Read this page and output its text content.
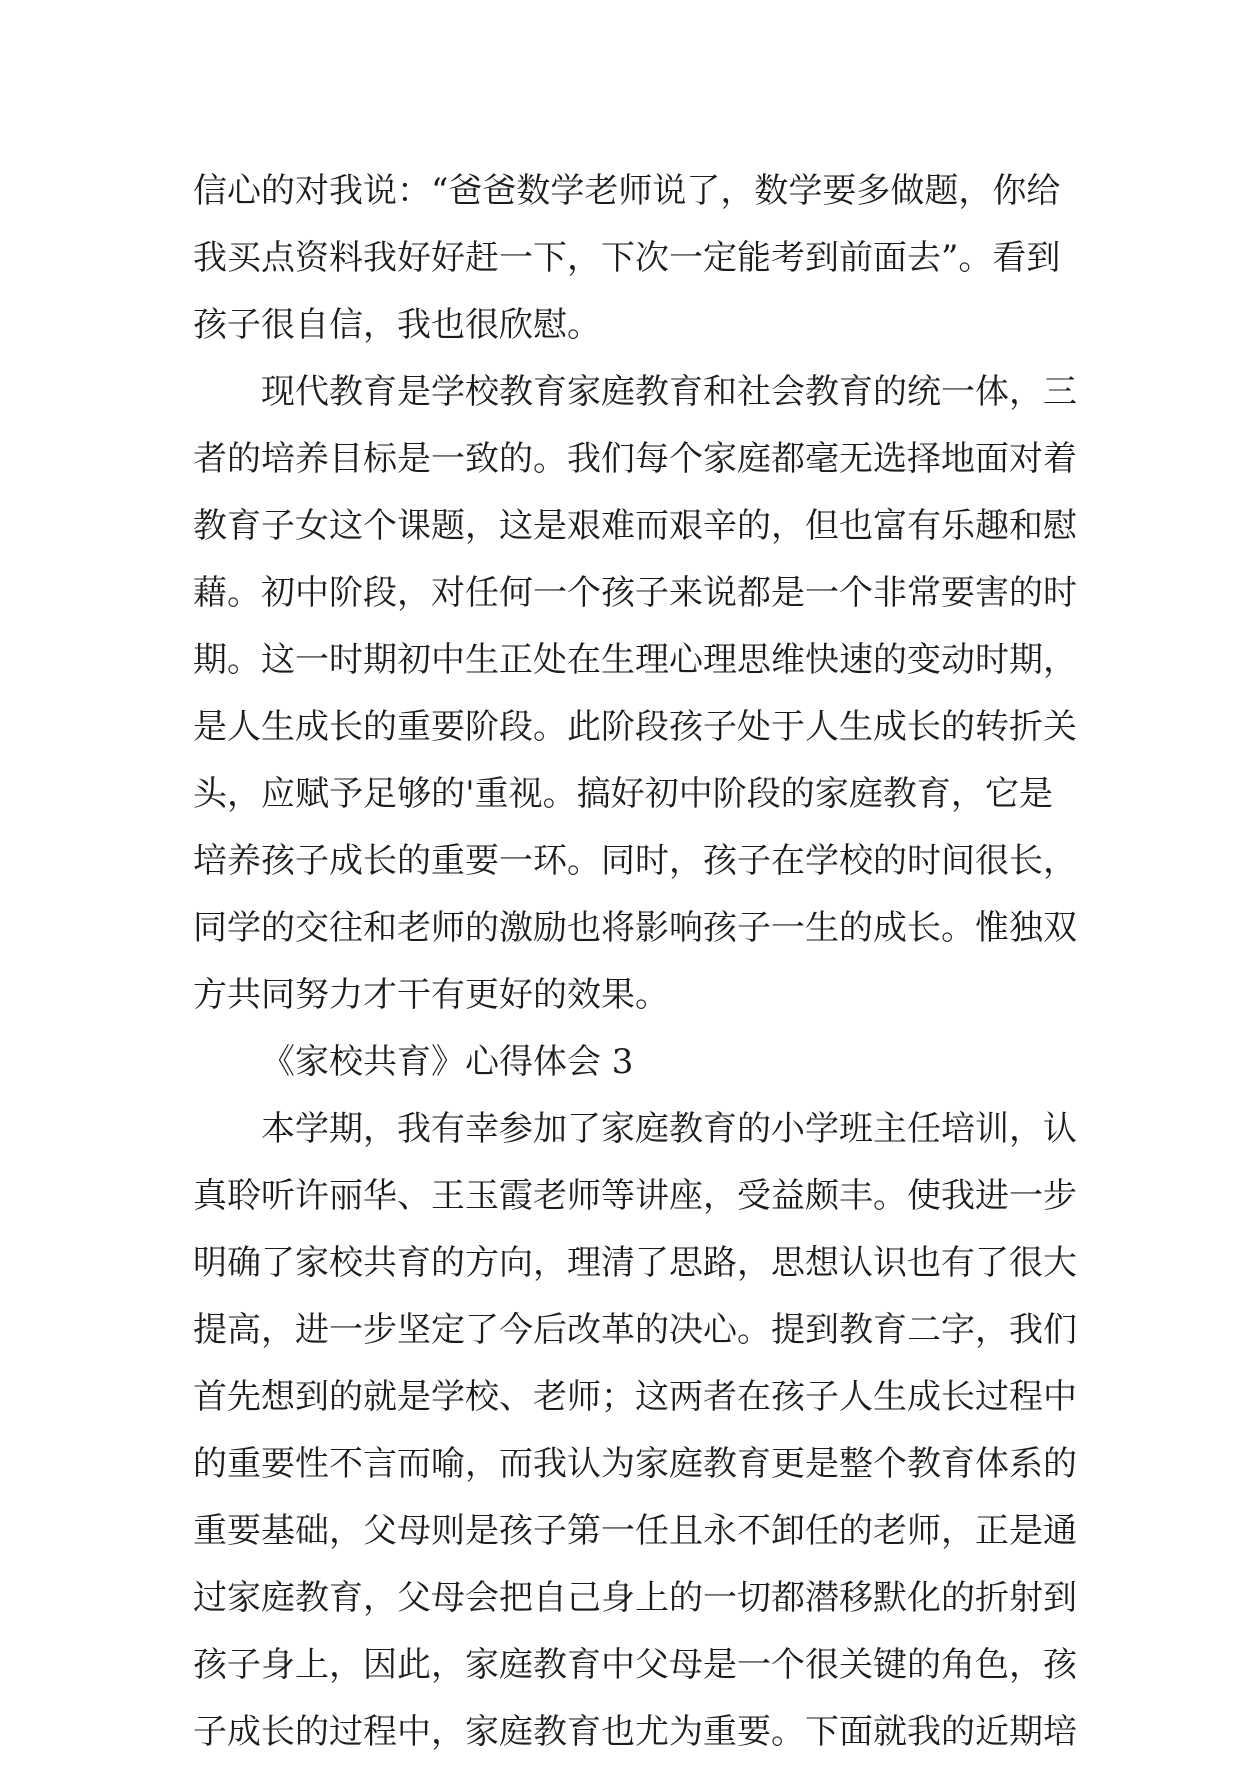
信心的对我说：“爸爸数学老师说了，数学要多做题，你给
我买点资料我好好赶一下，下次一定能考到前面去”。看到
孩子很自信，我也很欣慰。
现代教育是学校教育家庭教育和社会教育的统一体，三
者的培养目标是一致的。我们每个家庭都毫无选择地面对着
教育子女这个课题，这是艰难而艰辛的，但也富有乐趣和慰
藉。初中阶段，对任何一个孩子来说都是一个非常要害的时
期。这一时期初中生正处在生理心理思维快速的变动时期，
是人生成长的重要阶段。此阶段孩子处于人生成长的转折关
头，应赋予足够的'重视。搞好初中阶段的家庭教育，它是
培养孩子成长的重要一环。同时，孩子在学校的时间很长，
同学的交往和老师的激励也将影响孩子一生的成长。惟独双
方共同努力才干有更好的效果。
《家校共育》心得体会 3
本学期，我有幸参加了家庭教育的小学班主任培训，认
真聆听许丽华、王玉霞老师等讲座，受益颇丰。使我进一步
明确了家校共育的方向，理清了思路，思想认识也有了很大
提高，进一步坚定了今后改革的决心。提到教育二字，我们
首先想到的就是学校、老师；这两者在孩子人生成长过程中
的重要性不言而喻，而我认为家庭教育更是整个教育体系的
重要基础，父母则是孩子第一任且永不卸任的老师，正是通
过家庭教育，父母会把自己身上的一切都潜移默化的折射到
孩子身上，因此，家庭教育中父母是一个很关键的角色，孩
子成长的过程中，家庭教育也尤为重要。下面就我的近期培
